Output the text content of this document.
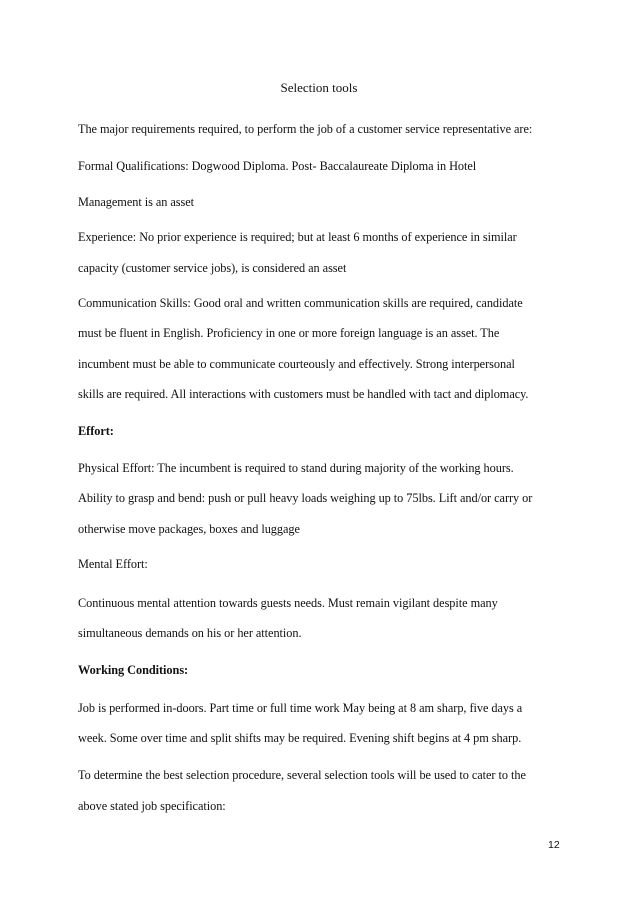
Selection tools
The major requirements required, to perform the job of a customer service representative are:
Formal Qualifications: Dogwood Diploma. Post- Baccalaureate Diploma in Hotel
Management is an asset
Experience: No prior experience is required; but at least 6 months of experience in similar
capacity (customer service jobs), is considered an asset
Communication Skills: Good oral and written communication skills are required, candidate
must be fluent in English. Proficiency in one or more foreign language is an asset. The
incumbent must be able to communicate courteously and effectively. Strong interpersonal
skills are required. All interactions with customers must be handled with tact and diplomacy.
Effort:
Physical Effort: The incumbent is required to stand during majority of the working hours.
Ability to grasp and bend: push or pull heavy loads weighing up to 75lbs. Lift and/or carry or
otherwise move packages, boxes and luggage
Mental Effort:
Continuous mental attention towards guests needs. Must remain vigilant despite many
simultaneous demands on his or her attention.
Working Conditions:
Job is performed in-doors. Part time or full time work May being at 8 am sharp, five days a
week. Some over time and split shifts may be required. Evening shift begins at 4 pm sharp.
To determine the best selection procedure, several selection tools will be used to cater to the
above stated job specification:
12
